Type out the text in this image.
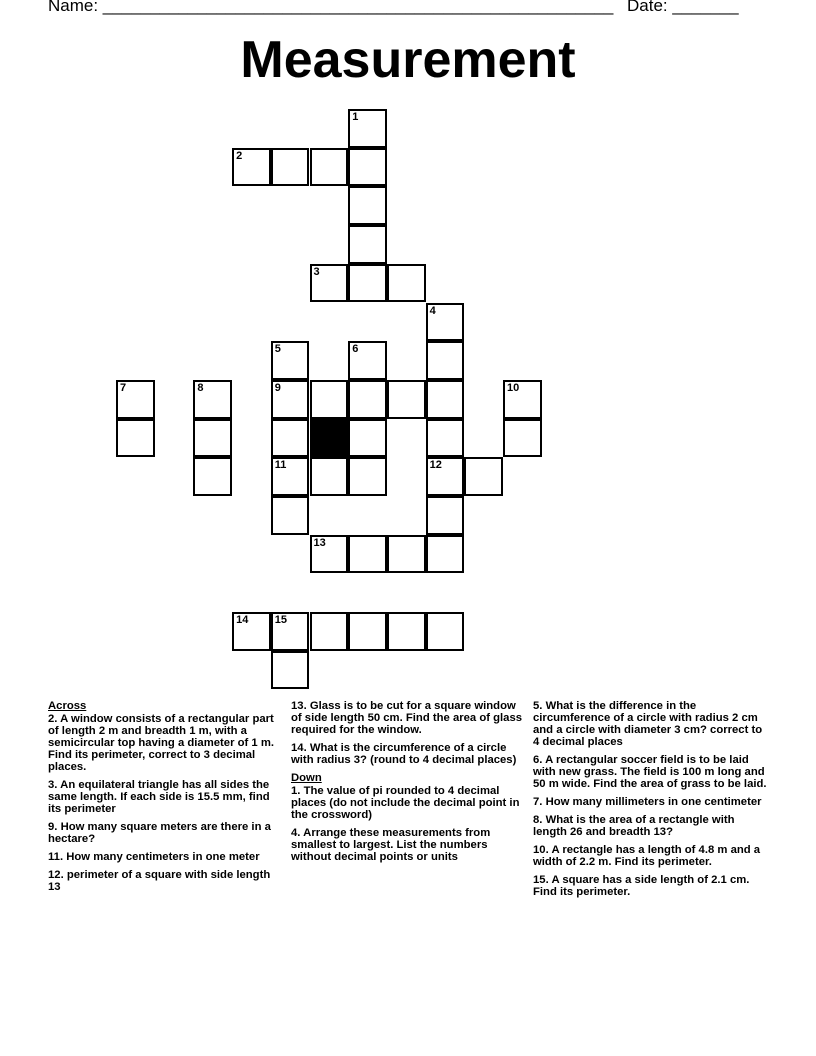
Name: ______________________________________________________ Date: _______
Measurement
1
2
3
4
5	6
7	8	9	10
11	12
13
14 15
Across
2. A window consists of a rectangular part of length 2 m and breadth 1 m, with a semicircular top having a diameter of 1 m. Find its perimeter, correct to 3 decimal places.
3. An equilateral triangle has all sides the same length. If each side is 15.5 mm, find its perimeter
9. How many square meters are there in a hectare?
11. How many centimeters in one meter
12. perimeter of a square with side length 13
13. Glass is to be cut for a square window of side length 50 cm. Find the area of glass required for the window.
14. What is the circumference of a circle with radius 3? (round to 4 decimal places)
Down
1. The value of pi rounded to 4 decimal places (do not include the decimal point in the crossword)
4. Arrange these measurements from smallest to largest. List the numbers without decimal points or units
5. What is the difference in the circumference of a circle with radius 2 cm and a circle with diameter 3 cm? correct to 4 decimal places
6. A rectangular soccer field is to be laid with new grass. The field is 100 m long and 50 m wide. Find the area of grass to be laid.
7. How many millimeters in one centimeter
8. What is the area of a rectangle with length 26 and breadth 13?
10. A rectangle has a length of 4.8 m and a width of 2.2 m. Find its perimeter.
15. A square has a side length of 2.1 cm. Find its perimeter.
